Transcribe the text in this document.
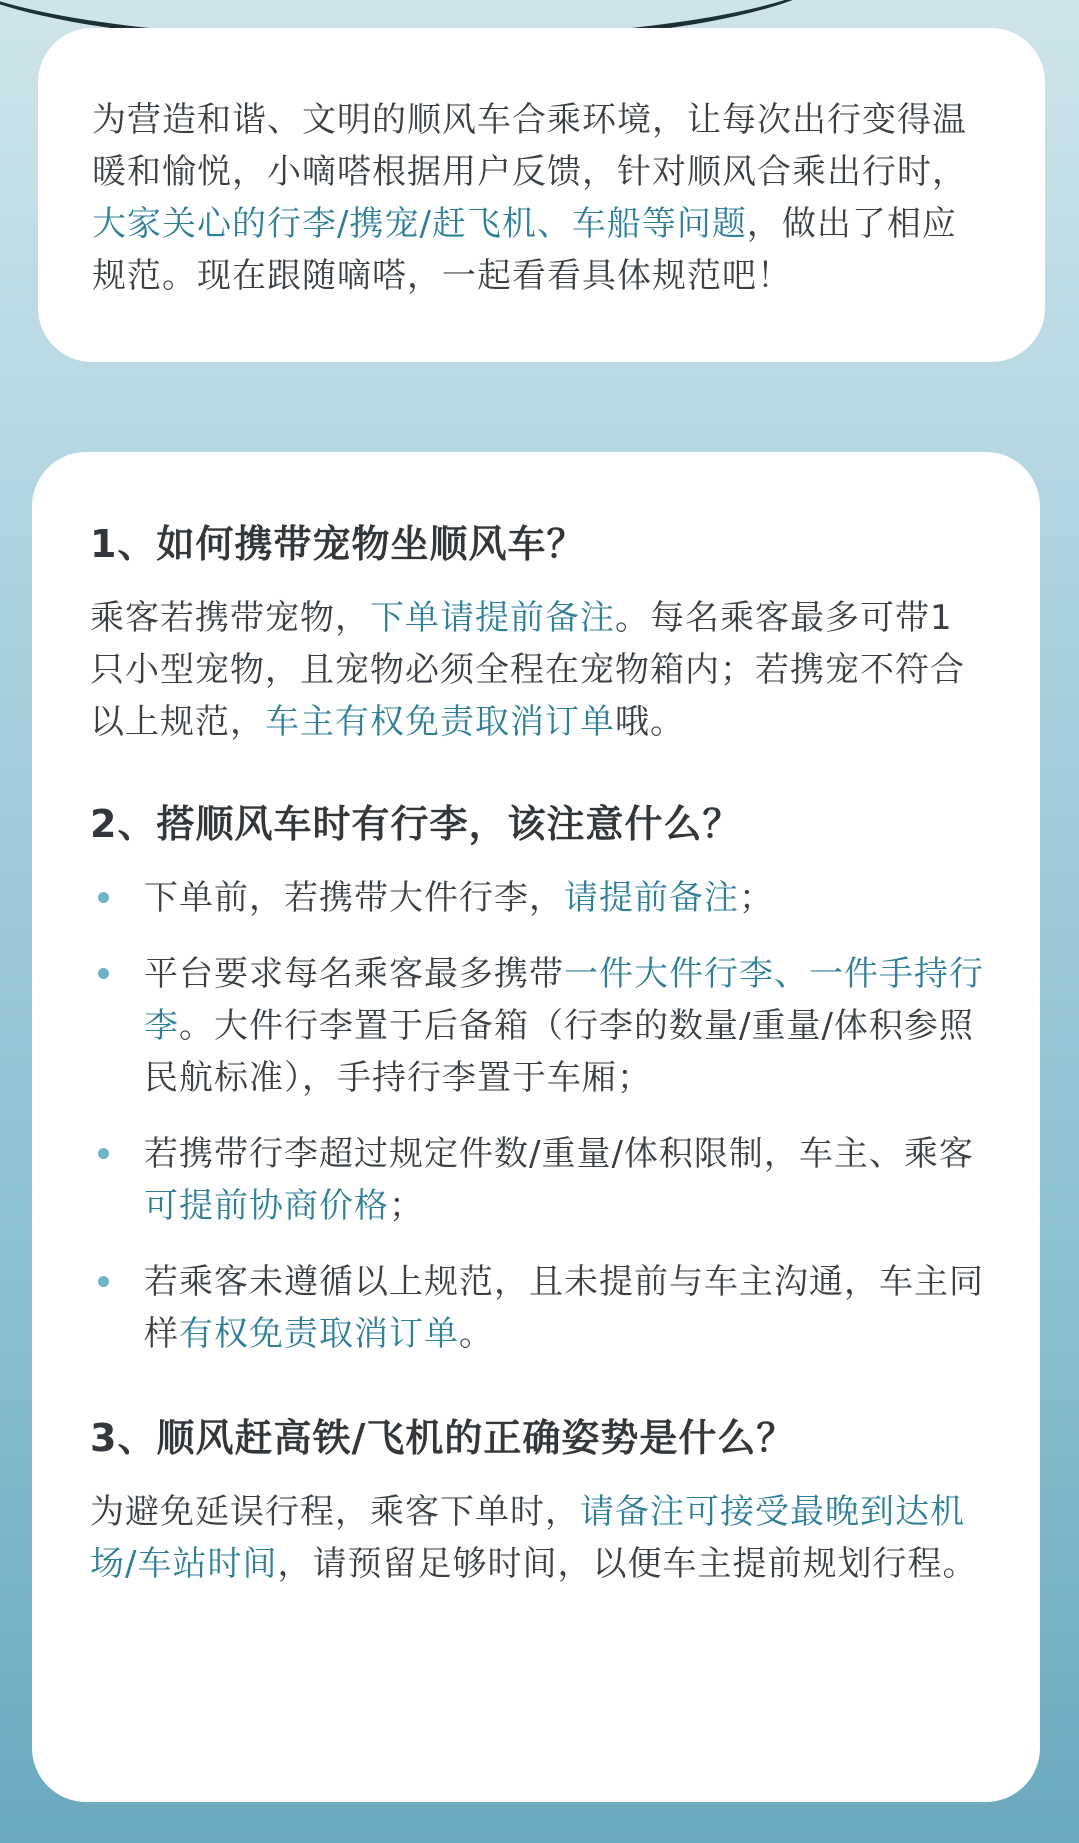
为营造和谐、文明的顺风车合乘环境，让每次出行变得温暖和愉悦，小嘀嗒根据用户反馈，针对顺风合乘出行时，大家关心的行李/携宠/赶飞机、车船等问题，做出了相应规范。现在跟随嘀嗒，一起看看具体规范吧！

1、如何携带宠物坐顺风车？

乘客若携带宠物，下单请提前备注。每名乘客最多可带1只小型宠物，且宠物必须全程在宠物箱内；若携宠不符合以上规范，车主有权免责取消订单哦。

2、搭顺风车时有行李，该注意什么？
下单前，若携带大件行李，请提前备注；
平台要求每名乘客最多携带一件大件行李、一件手持行李。大件行李置于后备箱（行李的数量/重量/体积参照民航标准），手持行李置于车厢；
若携带行李超过规定件数/重量/体积限制，车主、乘客可提前协商价格；
若乘客未遵循以上规范，且未提前与车主沟通，车主同样有权免责取消订单。
3、顺风赶高铁/飞机的正确姿势是什么？

为避免延误行程，乘客下单时，请备注可接受最晚到达机场/车站时间，请预留足够时间，以便车主提前规划行程。
